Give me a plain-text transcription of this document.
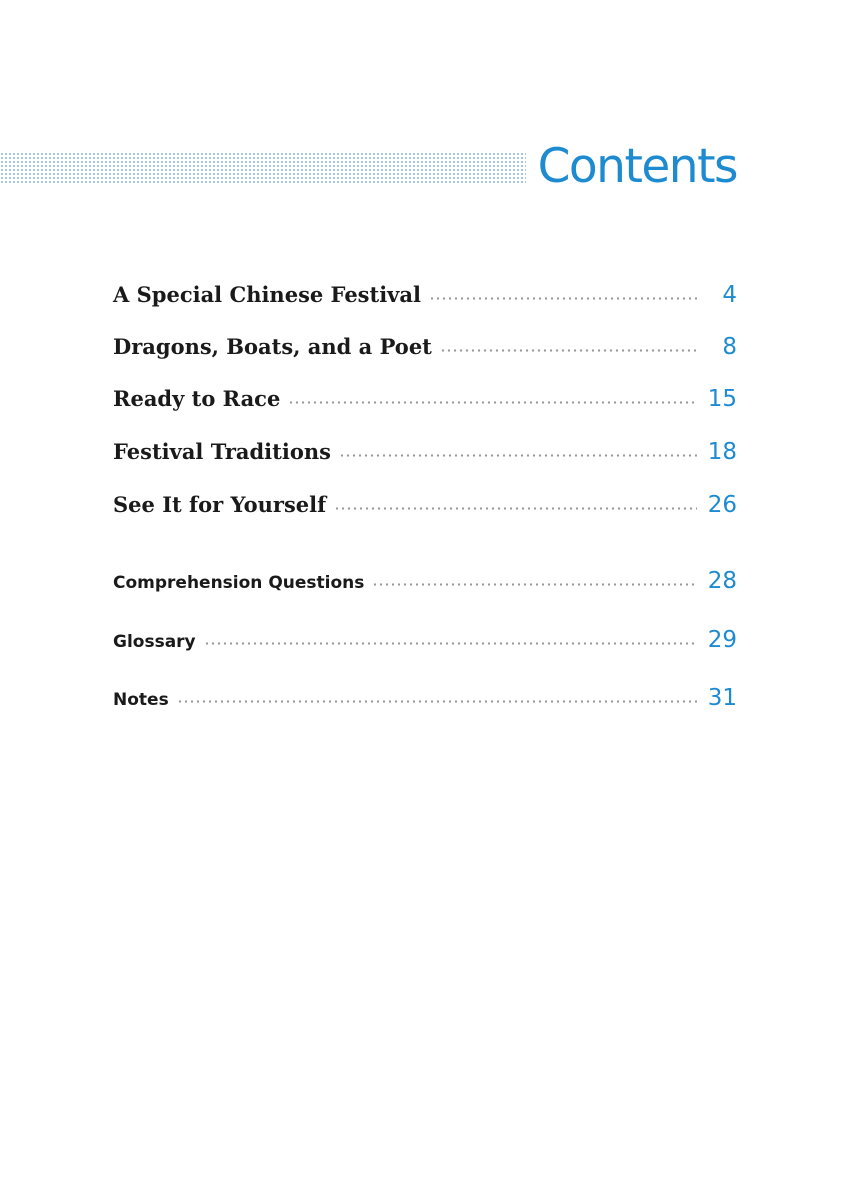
Contents
A Special Chinese Festival	4
Dragons, Boats, and a Poet	8
Ready to Race	15
Festival Traditions	18
See It for Yourself	26
Comprehension Questions	28
Glossary	29
Notes	31
